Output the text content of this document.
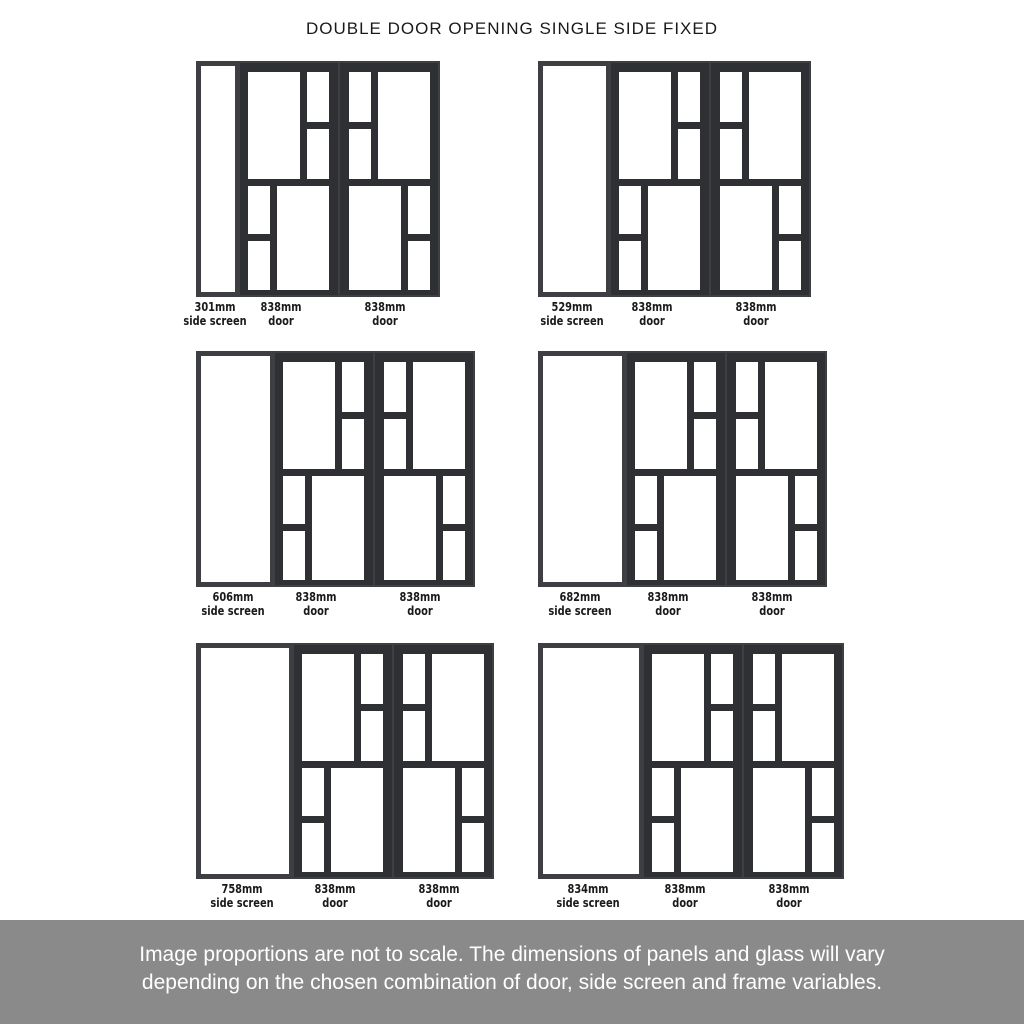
DOUBLE DOOR OPENING SINGLE SIDE FIXED
301mm
side screen
838mm
door
838mm
door
529mm
side screen
838mm
door
838mm
door
606mm
side screen
838mm
door
838mm
door
682mm
side screen
838mm
door
838mm
door
758mm
side screen
838mm
door
838mm
door
834mm
side screen
838mm
door
838mm
door
Image proportions are not to scale. The dimensions of panels and glass will vary
depending on the chosen combination of door, side screen and frame variables.
